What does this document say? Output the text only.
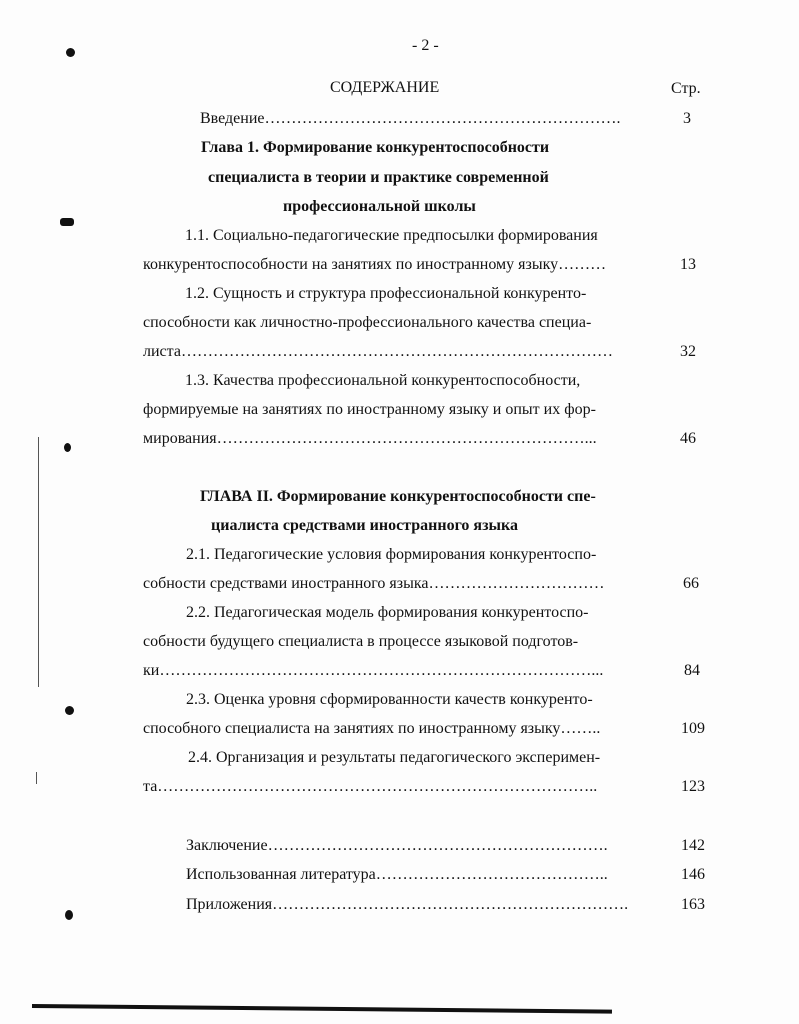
- 2 -
СОДЕРЖАНИЕ	Стр.
Введение………………………………………………………….	3
Глава 1. Формирование конкурентоспособности
специалиста в теории и практике современной
профессиональной школы
1.1. Социально-педагогические предпосылки формирования
конкурентоспособности на занятиях по иностранному языку………	13
1.2. Сущность и структура профессиональной конкуренто-
способности как личностно-профессионального качества специа-
листа………………………………………………………………………	32
1.3. Качества профессиональной конкурентоспособности,
формируемые на занятиях по иностранному языку и опыт их фор-
мирования……………………………………………………………...	46
ГЛАВА II. Формирование конкурентоспособности спе-
циалиста средствами иностранного языка
2.1. Педагогические условия формирования конкурентоспо-
собности средствами иностранного языка……………………………	66
2.2. Педагогическая модель формирования конкурентоспо-
собности будущего специалиста в процессе языковой подготов-
ки………………………………………………………………………...	84
2.3. Оценка уровня сформированности качеств конкуренто-
способного специалиста на занятиях по иностранному языку……..	109
2.4. Организация и результаты педагогического эксперимен-
та………………………………………………………………………..	123
Заключение……………………………………………………….	142
Использованная литература……………………………………..	146
Приложения………………………………………………………….	163
